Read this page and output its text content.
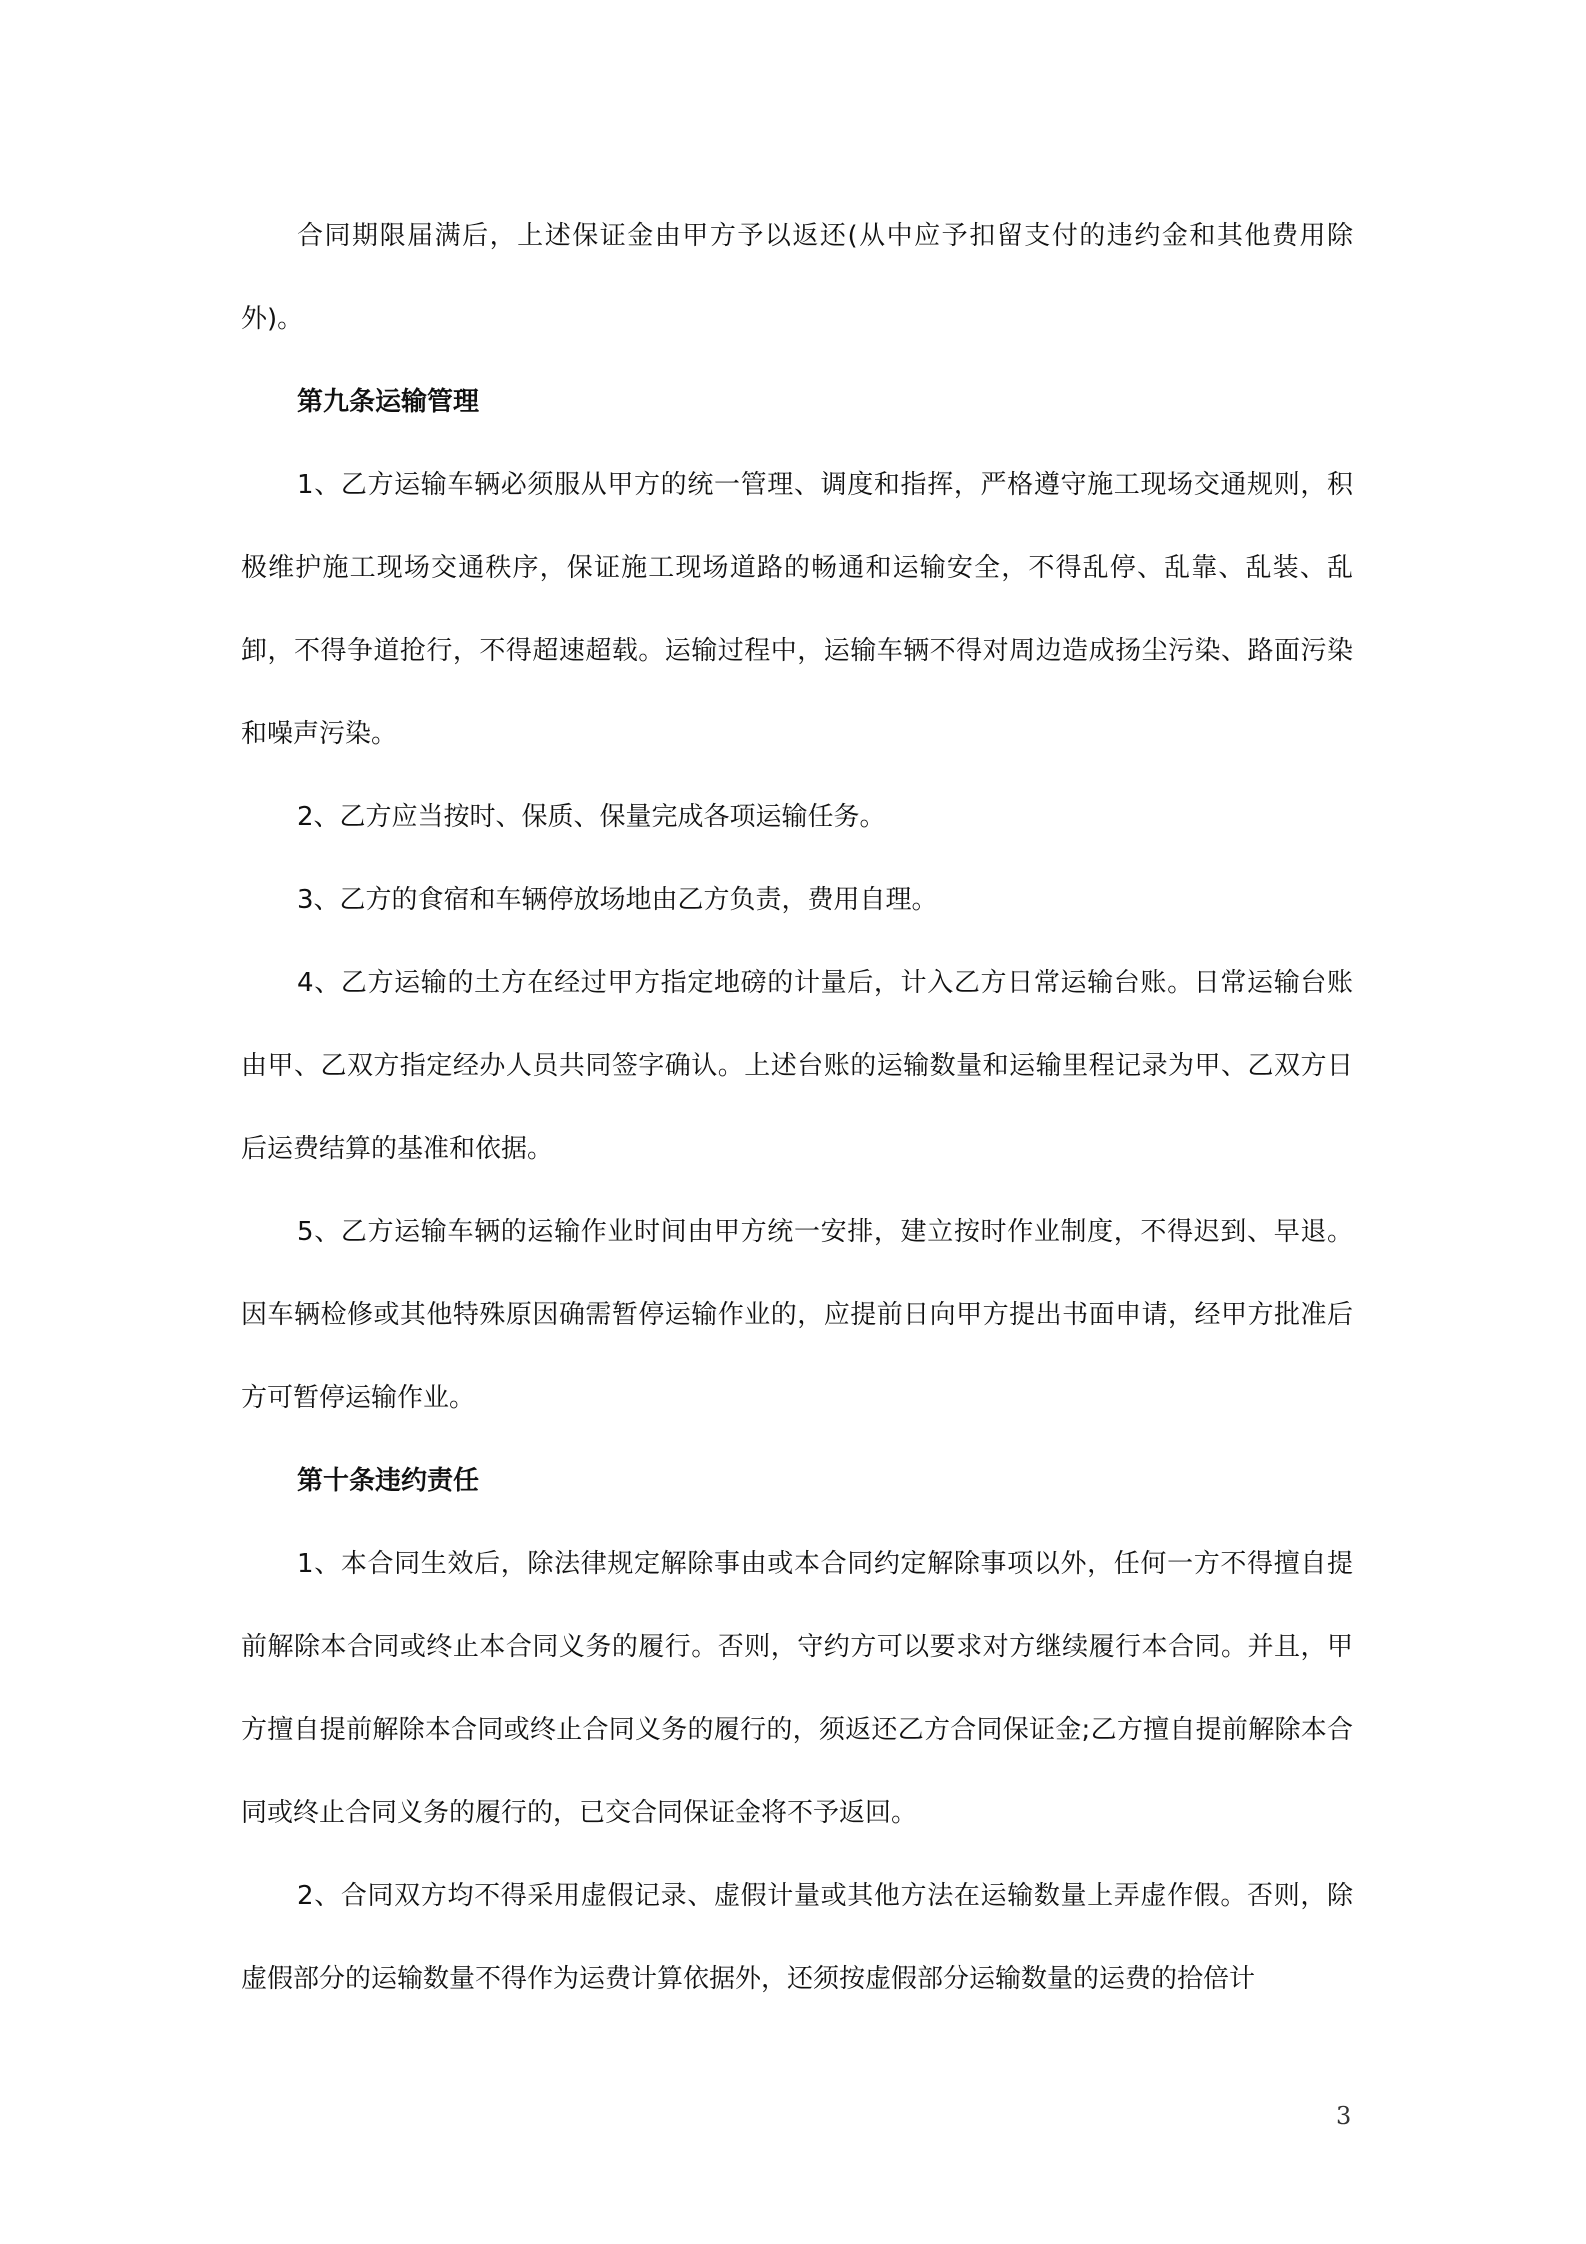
合同期限届满后，上述保证金由甲方予以返还(从中应予扣留支付的违约金和其他费用除外)。

第九条运输管理

1、乙方运输车辆必须服从甲方的统一管理、调度和指挥，严格遵守施工现场交通规则，积极维护施工现场交通秩序，保证施工现场道路的畅通和运输安全，不得乱停、乱靠、乱装、乱卸，不得争道抢行，不得超速超载。运输过程中，运输车辆不得对周边造成扬尘污染、路面污染和噪声污染。

2、乙方应当按时、保质、保量完成各项运输任务。

3、乙方的食宿和车辆停放场地由乙方负责，费用自理。

4、乙方运输的土方在经过甲方指定地磅的计量后，计入乙方日常运输台账。日常运输台账由甲、乙双方指定经办人员共同签字确认。上述台账的运输数量和运输里程记录为甲、乙双方日后运费结算的基准和依据。

5、乙方运输车辆的运输作业时间由甲方统一安排，建立按时作业制度，不得迟到、早退。因车辆检修或其他特殊原因确需暂停运输作业的，应提前日向甲方提出书面申请，经甲方批准后方可暂停运输作业。

第十条违约责任

1、本合同生效后，除法律规定解除事由或本合同约定解除事项以外，任何一方不得擅自提前解除本合同或终止本合同义务的履行。否则，守约方可以要求对方继续履行本合同。并且，甲方擅自提前解除本合同或终止合同义务的履行的，须返还乙方合同保证金;乙方擅自提前解除本合同或终止合同义务的履行的，已交合同保证金将不予返回。

2、合同双方均不得采用虚假记录、虚假计量或其他方法在运输数量上弄虚作假。否则，除虚假部分的运输数量不得作为运费计算依据外，还须按虚假部分运输数量的运费的拾倍计

3
